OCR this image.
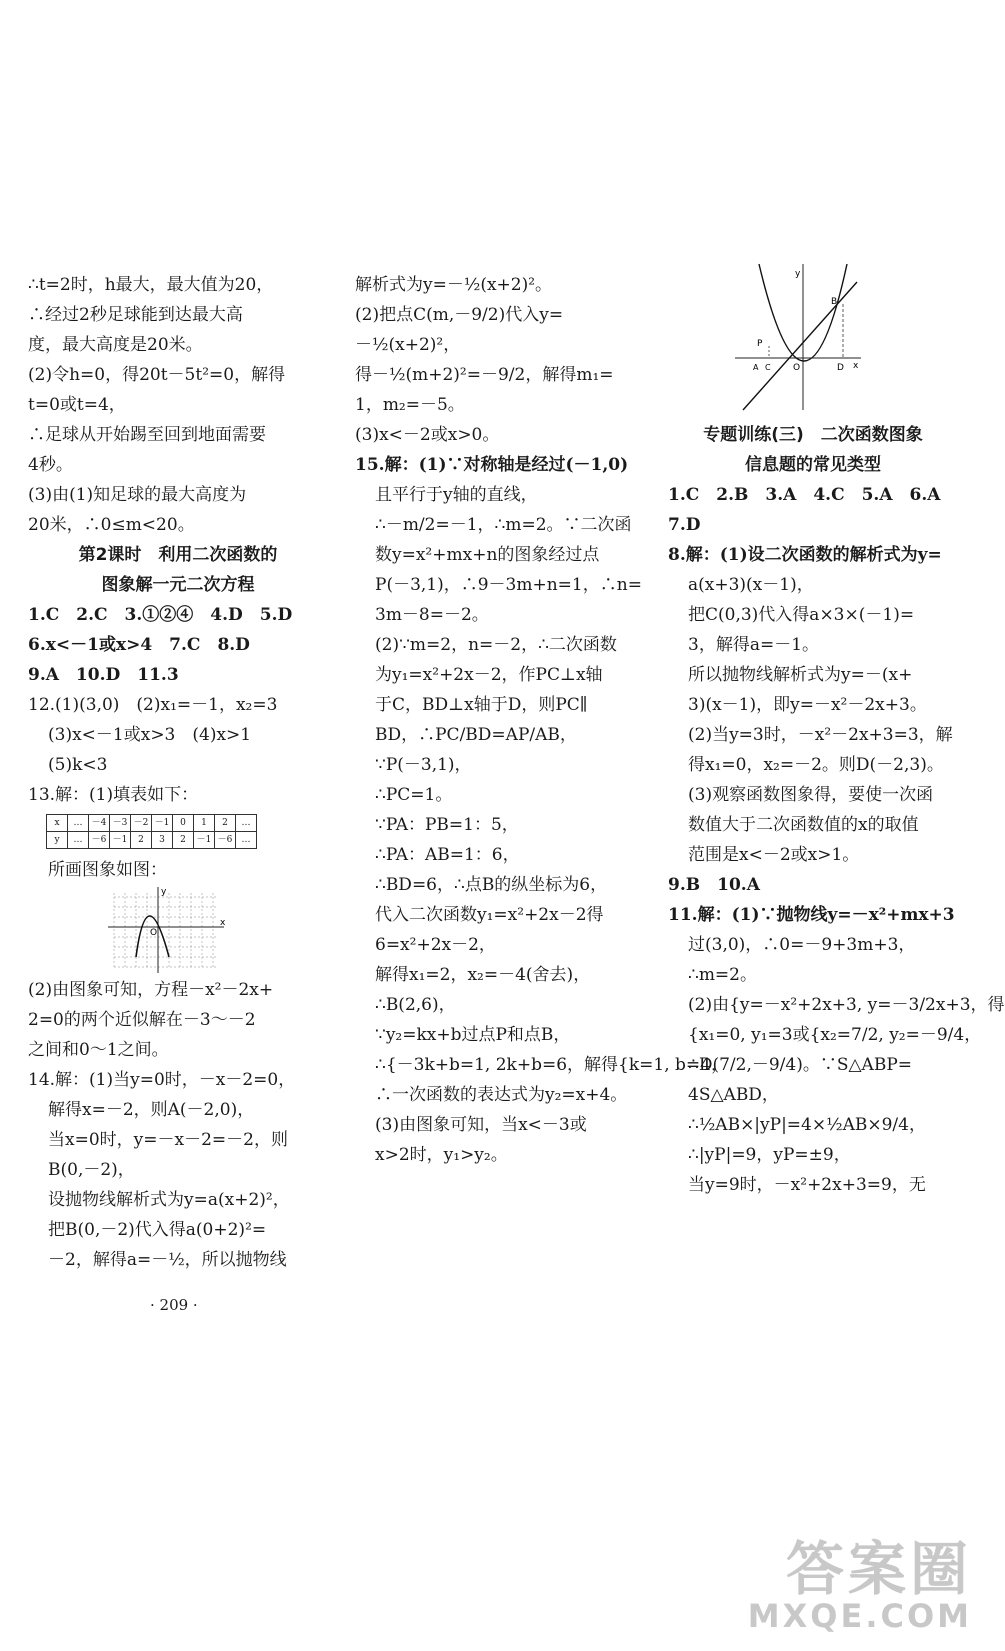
∴t=2时，h最大，最大值为20，
∴经过2秒足球能到达最大高
度，最大高度是20米。
(2)令h=0，得20t－5t²=0，解得
t=0或t=4，
∴足球从开始踢至回到地面需要
4秒。
(3)由(1)知足球的最大高度为
20米，∴0≤m<20。
第2课时　利用二次函数的
图象解一元二次方程
1.C　2.C　3.①②④　4.D　5.D
6.x<－1或x>4　7.C　8.D
9.A　10.D　11.3
12.(1)(3,0)　(2)x₁=－1，x₂=3
(3)x<－1或x>3　(4)x>1
(5)k<3
13.解：(1)填表如下：
x	…	－4	－3	－2	－1	0	1	2	…
y	…	－6	－1	2	3	2	－1	－6	…
所画图象如图：
y
x
O
(2)由图象可知，方程－x²－2x+
2=0的两个近似解在－3～－2
之间和0～1之间。
14.解：(1)当y=0时，－x－2=0，
解得x=－2，则A(－2,0)，
当x=0时，y=－x－2=－2，则
B(0,－2)，
设抛物线解析式为y=a(x+2)²，
把B(0,－2)代入得a(0+2)²=
－2，解得a=－½，所以抛物线
解析式为y=－½(x+2)²。
(2)把点C(m,－9/2)代入y=
－½(x+2)²，
得－½(m+2)²=－9/2，解得m₁=
1，m₂=－5。
(3)x<－2或x>0。
15.解：(1)∵对称轴是经过(－1,0)
且平行于y轴的直线，
∴－m/2=－1，∴m=2。∵二次函
数y=x²+mx+n的图象经过点
P(－3,1)，∴9－3m+n=1，∴n=
3m－8=－2。
(2)∵m=2，n=－2，∴二次函数
为y₁=x²+2x－2，作PC⊥x轴
于C，BD⊥x轴于D，则PC∥
BD，∴PC/BD=AP/AB，
∵P(－3,1)，
∴PC=1。
∵PA：PB=1：5，
∴PA：AB=1：6，
∴BD=6，∴点B的纵坐标为6，
代入二次函数y₁=x²+2x－2得
6=x²+2x－2，
解得x₁=2，x₂=－4(舍去)，
∴B(2,6)，
∵y₂=kx+b过点P和点B，
∴{－3k+b=1, 2k+b=6，解得{k=1, b=4，
∴一次函数的表达式为y₂=x+4。
(3)由图象可知，当x<－3或
x>2时，y₁>y₂。
y
B
P
A C O	D x
专题训练(三)　二次函数图象
信息题的常见类型
1.C　2.B　3.A　4.C　5.A　6.A
7.D
8.解：(1)设二次函数的解析式为y=
a(x+3)(x－1)，
把C(0,3)代入得a×3×(－1)=
3，解得a=－1。
所以抛物线解析式为y=－(x+
3)(x－1)，即y=－x²－2x+3。
(2)当y=3时，－x²－2x+3=3，解
得x₁=0，x₂=－2。则D(－2,3)。
(3)观察函数图象得，要使一次函
数值大于二次函数值的x的取值
范围是x<－2或x>1。
9.B　10.A
11.解：(1)∵抛物线y=－x²+mx+3
过(3,0)，∴0=－9+3m+3，
∴m=2。
(2)由{y=－x²+2x+3, y=－3/2x+3，得
{x₁=0, y₁=3或{x₂=7/2, y₂=－9/4，
∴D(7/2,－9/4)。∵S△ABP=
4S△ABD，
∴½AB×|yP|=4×½AB×9/4，
∴|yP|=9，yP=±9，
当y=9时，－x²+2x+3=9，无
· 209 ·
答案圈
MXQE.COM
